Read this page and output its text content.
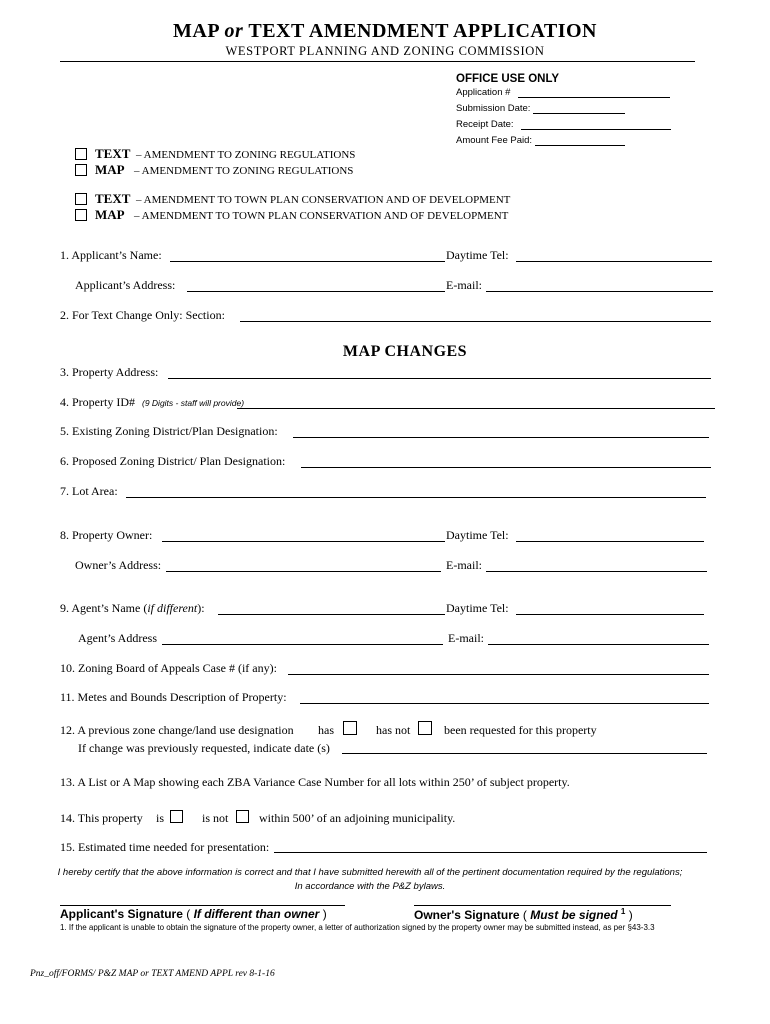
MAP or TEXT AMENDMENT APPLICATION
WESTPORT PLANNING AND ZONING COMMISSION
OFFICE USE ONLY
Application #
Submission Date:
Receipt Date:
Amount Fee Paid:
TEXT – AMENDMENT TO ZONING REGULATIONS
MAP – AMENDMENT TO ZONING REGULATIONS
TEXT – AMENDMENT TO TOWN PLAN CONSERVATION AND OF DEVELOPMENT
MAP – AMENDMENT TO TOWN PLAN CONSERVATION AND OF DEVELOPMENT
1. Applicant’s Name:	Daytime Tel:
Applicant’s Address:	E-mail:
2. For Text Change Only: Section:
MAP CHANGES
3. Property Address:
4. Property ID# (9 Digits - staff will provide)
5. Existing Zoning District/Plan Designation:
6. Proposed Zoning District/ Plan Designation:
7. Lot Area:
8. Property Owner:	Daytime Tel:
Owner’s Address:	E-mail:
9. Agent’s Name (if different):	Daytime Tel:
Agent’s Address	E-mail:
10. Zoning Board of Appeals Case # (if any):
11. Metes and Bounds Description of Property:
12. A previous zone change/land use designation has	has not	been requested for this property
If change was previously requested, indicate date (s)
13. A List or A Map showing each ZBA Variance Case Number for all lots within 250’ of subject property.
14. This property is	is not	within 500’ of an adjoining municipality.
15. Estimated time needed for presentation:
I hereby certify that the above information is correct and that I have submitted herewith all of the pertinent documentation required by the regulations;
In accordance with the P&Z bylaws.
Applicant's Signature ( If different than owner )	Owner's Signature ( Must be signed $^1$ )
1. If the applicant is unable to obtain the signature of the property owner, a letter of authorization signed by the property owner may be submitted instead, as per §43-3.3
Pnz_off/FORMS/ P&Z MAP or TEXT AMEND APPL rev 8-1-16
